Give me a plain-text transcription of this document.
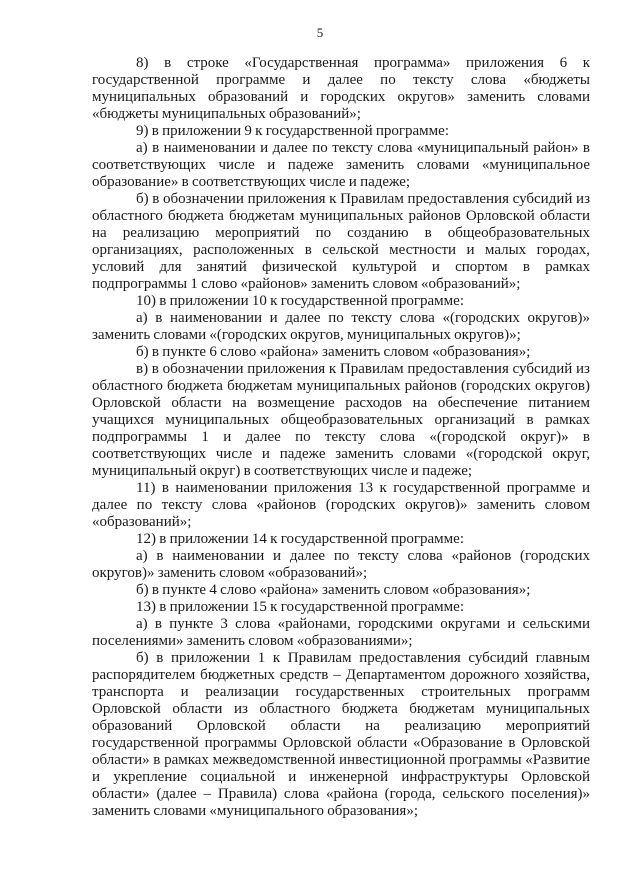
5

8) в строке «Государственная программа» приложения 6 к государственной программе и далее по тексту слова «бюджеты муниципальных образований и городских округов» заменить словами «бюджеты муниципальных образований»;

9) в приложении 9 к государственной программе:

а) в наименовании и далее по тексту слова «муниципальный район» в соответствующих числе и падеже заменить словами «муниципальное образование» в соответствующих числе и падеже;

б) в обозначении приложения к Правилам предоставления субсидий из областного бюджета бюджетам муниципальных районов Орловской области на реализацию мероприятий по созданию в общеобразовательных организациях, расположенных в сельской местности и малых городах, условий для занятий физической культурой и спортом в рамках подпрограммы 1 слово «районов» заменить словом «образований»;

10) в приложении 10 к государственной программе:

а) в наименовании и далее по тексту слова «(городских округов)» заменить словами «(городских округов, муниципальных округов)»;

б) в пункте 6 слово «района» заменить словом «образования»;

в) в обозначении приложения к Правилам предоставления субсидий из областного бюджета бюджетам муниципальных районов (городских округов) Орловской области на возмещение расходов на обеспечение питанием учащихся муниципальных общеобразовательных организаций в рамках подпрограммы 1 и далее по тексту слова «(городской округ)» в соответствующих числе и падеже заменить словами «(городской округ, муниципальный округ) в соответствующих числе и падеже;

11) в наименовании приложения 13 к государственной программе и далее по тексту слова «районов (городских округов)» заменить словом «образований»;

12) в приложении 14 к государственной программе:

а) в наименовании и далее по тексту слова «районов (городских округов)» заменить словом «образований»;

б) в пункте 4 слово «района» заменить словом «образования»;

13) в приложении 15 к государственной программе:

а) в пункте 3 слова «районами, городскими округами и сельскими поселениями» заменить словом «образованиями»;

б) в приложении 1 к Правилам предоставления субсидий главным распорядителем бюджетных средств – Департаментом дорожного хозяйства, транспорта и реализации государственных строительных программ Орловской области из областного бюджета бюджетам муниципальных образований Орловской области на реализацию мероприятий государственной программы Орловской области «Образование в Орловской области» в рамках межведомственной инвестиционной программы «Развитие и укрепление социальной и инженерной инфраструктуры Орловской области» (далее – Правила) слова «района (города, сельского поселения)» заменить словами «муниципального образования»;
